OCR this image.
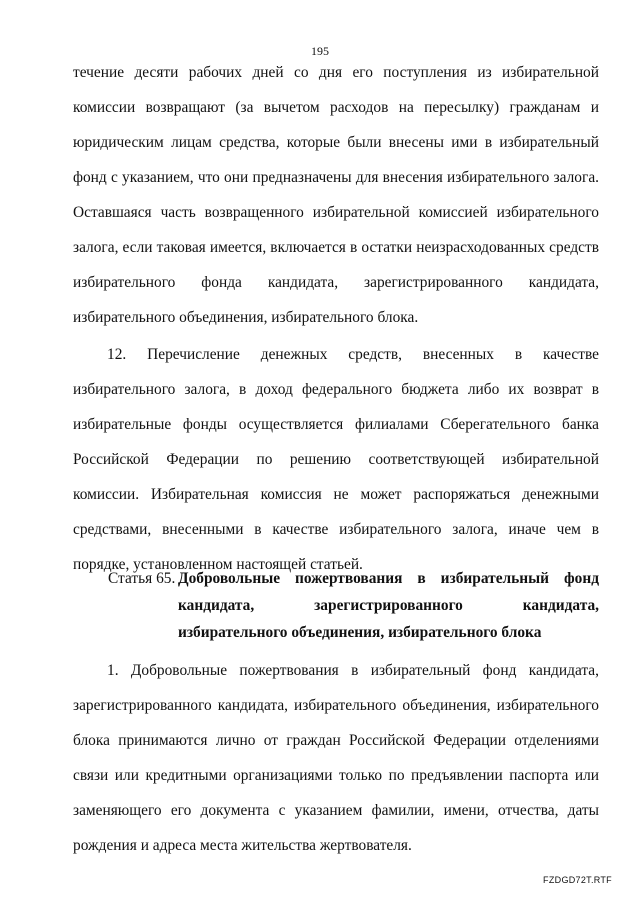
195

течение десяти рабочих дней со дня его поступления из избирательной комиссии возвращают (за вычетом расходов на пересылку) гражданам и юридическим лицам средства, которые были внесены ими в избирательный фонд с указанием, что они предназначены для внесения избирательного залога. Оставшаяся часть возвращенного избирательной комиссией избирательного залога, если таковая имеется, включается в остатки неизрасходованных средств избирательного фонда кандидата, зарегистрированного кандидата, избирательного объединения, избирательного блока.

12. Перечисление денежных средств, внесенных в качестве избирательного залога, в доход федерального бюджета либо их возврат в избирательные фонды осуществляется филиалами Сберегательного банка Российской Федерации по решению соответствующей избирательной комиссии. Избирательная комиссия не может распоряжаться денежными средствами, внесенными в качестве избирательного залога, иначе чем в порядке, установленном настоящей статьей.

Статья 65. Добровольные пожертвования в избирательный фонд кандидата, зарегистрированного кандидата, избирательного объединения, избирательного блока

1. Добровольные пожертвования в избирательный фонд кандидата, зарегистрированного кандидата, избирательного объединения, избирательного блока принимаются лично от граждан Российской Федерации отделениями связи или кредитными организациями только по предъявлении паспорта или заменяющего его документа с указанием фамилии, имени, отчества, даты рождения и адреса места жительства жертвователя.

FZDGD72T.RTF
